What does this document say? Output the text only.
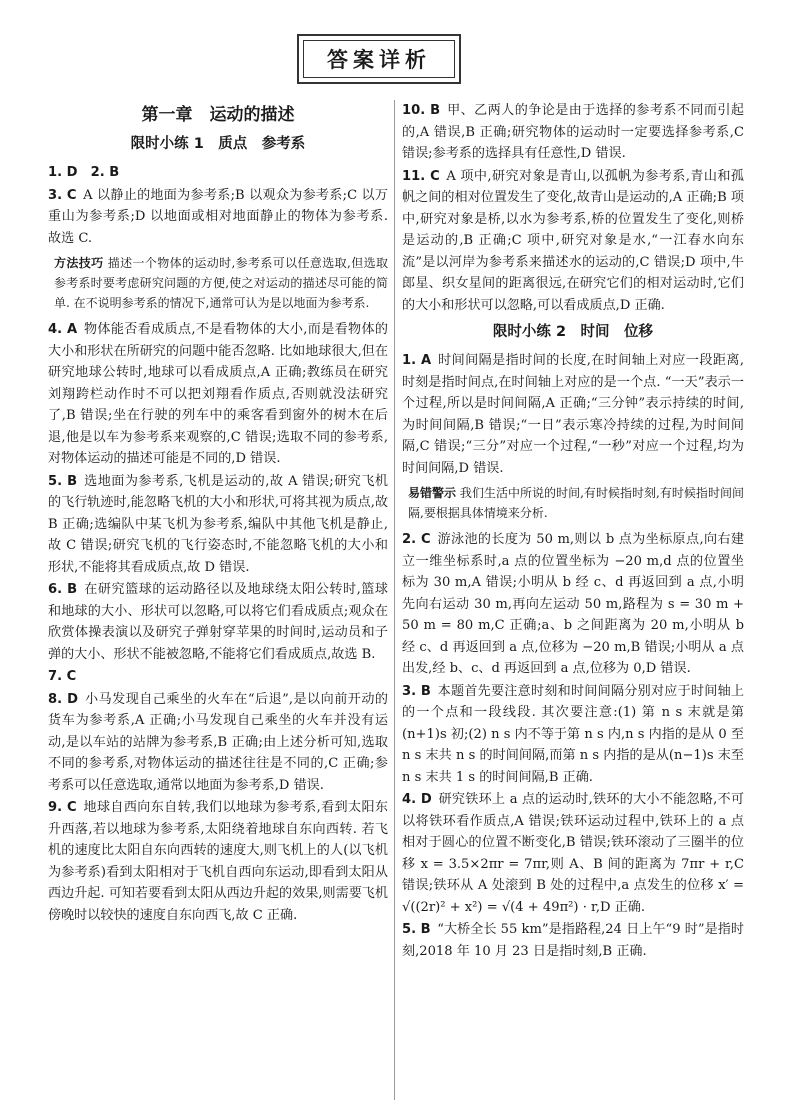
答案详析
第一章　运动的描述
限时小练 1　质点　参考系

1. D　2. B

3. C A 以静止的地面为参考系;B 以观众为参考系;C 以万重山为参考系;D 以地面或相对地面静止的物体为参考系. 故选 C.

方法技巧 描述一个物体的运动时,参考系可以任意选取,但选取参考系时要考虑研究问题的方便,使之对运动的描述尽可能的简单. 在不说明参考系的情况下,通常可认为是以地面为参考系.

4. A 物体能否看成质点,不是看物体的大小,而是看物体的大小和形状在所研究的问题中能否忽略. 比如地球很大,但在研究地球公转时,地球可以看成质点,A 正确;教练员在研究刘翔跨栏动作时不可以把刘翔看作质点,否则就没法研究了,B 错误;坐在行驶的列车中的乘客看到窗外的树木在后退,他是以车为参考系来观察的,C 错误;选取不同的参考系,对物体运动的描述可能是不同的,D 错误.

5. B 选地面为参考系,飞机是运动的,故 A 错误;研究飞机的飞行轨迹时,能忽略飞机的大小和形状,可将其视为质点,故 B 正确;选编队中某飞机为参考系,编队中其他飞机是静止,故 C 错误;研究飞机的飞行姿态时,不能忽略飞机的大小和形状,不能将其看成质点,故 D 错误.

6. B 在研究篮球的运动路径以及地球绕太阳公转时,篮球和地球的大小、形状可以忽略,可以将它们看成质点;观众在欣赏体操表演以及研究子弹射穿苹果的时间时,运动员和子弹的大小、形状不能被忽略,不能将它们看成质点,故选 B.

7. C

8. D 小马发现自己乘坐的火车在“后退”,是以向前开动的货车为参考系,A 正确;小马发现自己乘坐的火车并没有运动,是以车站的站牌为参考系,B 正确;由上述分析可知,选取不同的参考系,对物体运动的描述往往是不同的,C 正确;参考系可以任意选取,通常以地面为参考系,D 错误.

9. C 地球自西向东自转,我们以地球为参考系,看到太阳东升西落,若以地球为参考系,太阳绕着地球自东向西转. 若飞机的速度比太阳自东向西转的速度大,则飞机上的人(以飞机为参考系)看到太阳相对于飞机自西向东运动,即看到太阳从西边升起. 可知若要看到太阳从西边升起的效果,则需要飞机傍晚时以较快的速度自东向西飞,故 C 正确.

10. B 甲、乙两人的争论是由于选择的参考系不同而引起的,A 错误,B 正确;研究物体的运动时一定要选择参考系,C 错误;参考系的选择具有任意性,D 错误.

11. C A 项中,研究对象是青山,以孤帆为参考系,青山和孤帆之间的相对位置发生了变化,故青山是运动的,A 正确;B 项中,研究对象是桥,以水为参考系,桥的位置发生了变化,则桥是运动的,B 正确;C 项中,研究对象是水,“一江春水向东流”是以河岸为参考系来描述水的运动的,C 错误;D 项中,牛郎星、织女星间的距离很远,在研究它们的相对运动时,它们的大小和形状可以忽略,可以看成质点,D 正确.

限时小练 2　时间　位移

1. A 时间间隔是指时间的长度,在时间轴上对应一段距离,时刻是指时间点,在时间轴上对应的是一个点. “一天”表示一个过程,所以是时间间隔,A 正确;“三分钟”表示持续的时间,为时间间隔,B 错误;“一日”表示寒冷持续的过程,为时间间隔,C 错误;“三分”对应一个过程,“一秒”对应一个过程,均为时间间隔,D 错误.

易错警示 我们生活中所说的时间,有时候指时刻,有时候指时间间隔,要根据具体情境来分析.

2. C 游泳池的长度为 50 m,则以 b 点为坐标原点,向右建立一维坐标系时,a 点的位置坐标为 −20 m,d 点的位置坐标为 30 m,A 错误;小明从 b 经 c、d 再返回到 a 点,小明先向右运动 30 m,再向左运动 50 m,路程为 s = 30 m + 50 m = 80 m,C 正确;a、b 之间距离为 20 m,小明从 b 经 c、d 再返回到 a 点,位移为 −20 m,B 错误;小明从 a 点出发,经 b、c、d 再返回到 a 点,位移为 0,D 错误.

3. B 本题首先要注意时刻和时间间隔分别对应于时间轴上的一个点和一段线段. 其次要注意:(1) 第 n s 末就是第(n+1)s 初;(2) n s 内不等于第 n s 内,n s 内指的是从 0 至 n s 末共 n s 的时间间隔,而第 n s 内指的是从(n−1)s 末至 n s 末共 1 s 的时间间隔,B 正确.

4. D 研究铁环上 a 点的运动时,铁环的大小不能忽略,不可以将铁环看作质点,A 错误;铁环运动过程中,铁环上的 a 点相对于圆心的位置不断变化,B 错误;铁环滚动了三圈半的位移 x = 3.5×2πr = 7πr,则 A、B 间的距离为 7πr + r,C 错误;铁环从 A 处滚到 B 处的过程中,a 点发生的位移 x′ = √((2r)² + x²) = √(4 + 49π²) · r,D 正确.

5. B “大桥全长 55 km”是指路程,24 日上午“9 时”是指时刻,2018 年 10 月 23 日是指时刻,B 正确.
